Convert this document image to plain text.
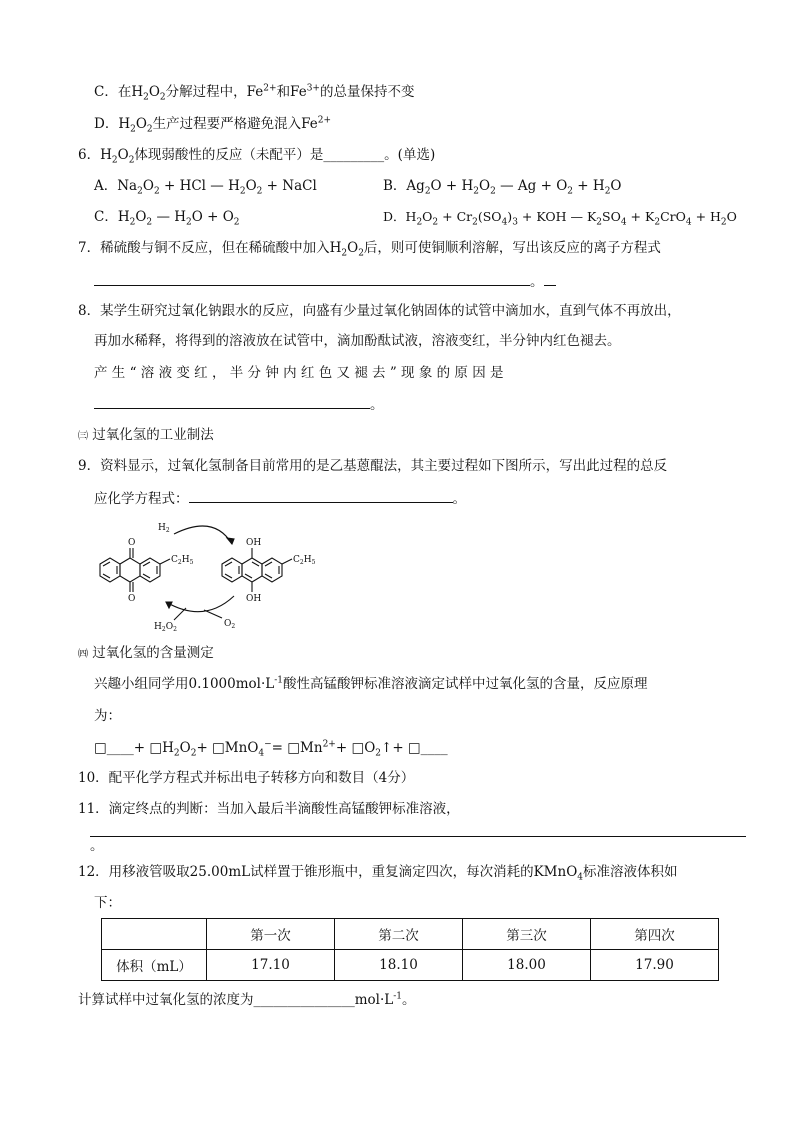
C．在$H_2O_2$分解过程中，$Fe^{2+}$和$Fe^{3+}$的总量保持不变
D．$H_2O_2$生产过程要严格避免混入$Fe^{2+}$
6．$H_2O_2$体现弱酸性的反应（未配平）是_________。(单选)
A．$Na_2O_2$ + HCl — $H_2O_2$ + NaCl	B．$Ag_2O + H_2O_2$ — $Ag + O_2 + H_2O$
C．$H_2O_2$ — $H_2O + O_2$	D．$H_2O_2 + Cr_2(SO_4)_3$ + KOH — $K_2SO_4 + K_2CrO_4 + H_2O$
7．稀硫酸与铜不反应，但在稀硫酸中加入$H_2O_2$后，则可使铜顺利溶解，写出该反应的离子方程式
。
8．某学生研究过氧化钠跟水的反应，向盛有少量过氧化钠固体的试管中滴加水，直到气体不再放出，
再加水稀释，将得到的溶液放在试管中，滴加酚酞试液，溶液变红，半分钟内红色褪去。
产 生 “ 溶 液 变 红 ， 半 分 钟 内 红 色 又 褪 去 ” 现 象 的 原 因 是
。
㈢ 过氧化氢的工业制法
9．资料显示，过氧化氢制备目前常用的是乙基蒽醌法，其主要过程如下图所示，写出此过程的总反
应化学方程式：	。
$H_2$
O
O
$C_2H_5$
OH
OH
$C_2H_5$
$H_2O_2$
$O_2$
㈣ 过氧化氢的含量测定
兴趣小组同学用$0.1000mol\cdot L^{-1}$酸性高锰酸钾标准溶液滴定试样中过氧化氢的含量，反应原理
为：
□____+ $□H_2O_2+$ □MnO$_4$−= $□Mn^{2+}+$ $□O_2↑+$ □____
10．配平化学方程式并标出电子转移方向和数目（4分）
11．滴定终点的判断：当加入最后半滴酸性高锰酸钾标准溶液，
。
12．用移液管吸取25.00mL试样置于锥形瓶中，重复滴定四次，每次消耗的KMnO$_4$标准溶液体积如
下：
	第一次	第二次	第三次	第四次
体积（mL）	17.10	18.10	18.00	17.90
计算试样中过氧化氢的浓度为$\_\_\_\_\_\_\_\_\_\_\_\_\_\_\_mol\cdot L^{-1}$。
